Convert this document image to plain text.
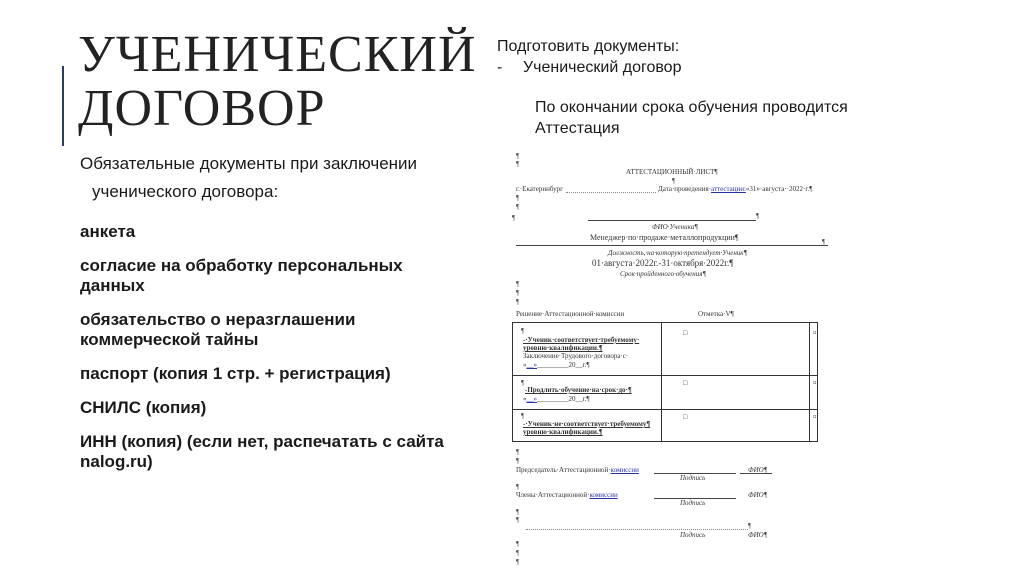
УЧЕНИЧЕСКИЙ
ДОГОВОР

Обязательные документы при заключении

ученического договора:

анкета
согласие на обработку персональных данных
обязательство о неразглашении коммерческой тайны
паспорт (копия 1 стр. + регистрация)
СНИЛС (копия)
ИНН (копия) (если нет, распечатать с сайта nalog.ru)

Подготовить документы:

-	Ученический договор

По окончании срока обучения проводится Аттестация

¶
¶
АТТЕСТАЦИОННЫЙ·ЛИСТ¶
¶
г.·Екатеринбург	Дата·проведения·аттестации:«31»·августа··2022·г.¶
¶
¶
¶	¶
ФИО·Ученика¶
Менеджер·по·продаже·металлопродукции¶	¶
Должность,·на·которую·претендует·Ученик¶
01·августа·2022г.-31·октября·2022г.¶
Срок·пройденного·обучения¶
¶
¶
¶
Решение·Аттестационной·комиссии	Отметка·V¶
¶
-·Ученик·соответствует·требуемому·
уровню·квалификации.¶
Заключение·Трудового·договора·с·
«__»_________20__г.¶
□	¤
¶
-Продлить·обучение·на·срок·до·¶
«__»_________20__г.¶
□	¤
¶
-·Ученик·не·соответствует·требуемому¶
уровню·квалификации.¶
□	¤
¶
¶
Председатель·Аттестационной·комиссии	ФИО¶
Подпись
¶
Члены·Аттестационной·комиссии	ФИО¶
Подпись
¶
¶
¶
Подпись	ФИО¶
¶
¶
¶
